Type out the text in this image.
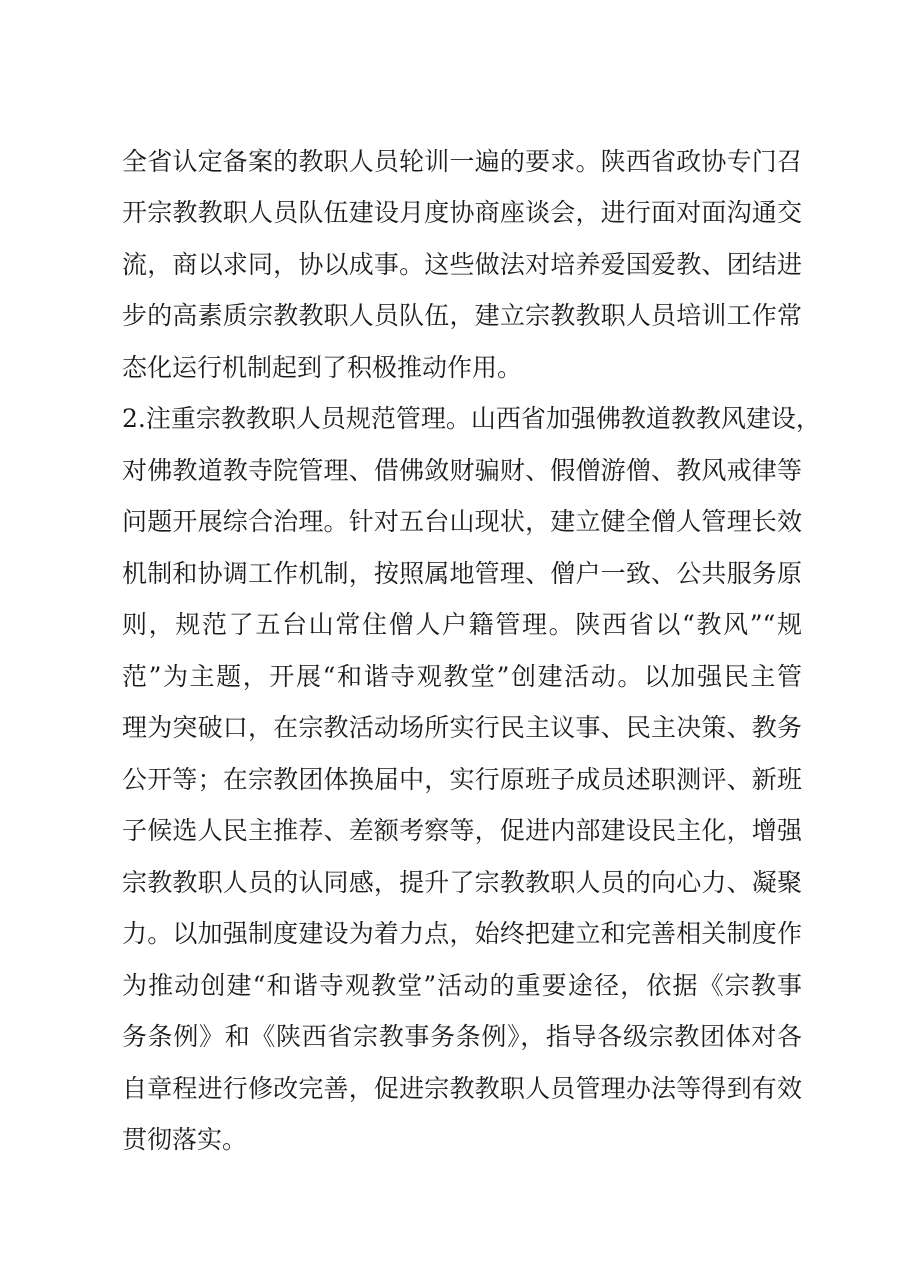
全省认定备案的教职人员轮训一遍的要求。陕西省政协专门召
开宗教教职人员队伍建设月度协商座谈会，进行面对面沟通交
流，商以求同，协以成事。这些做法对培养爱国爱教、团结进
步的高素质宗教教职人员队伍，建立宗教教职人员培训工作常
态化运行机制起到了积极推动作用。
2.注重宗教教职人员规范管理。山西省加强佛教道教教风建设，
对佛教道教寺院管理、借佛敛财骗财、假僧游僧、教风戒律等
问题开展综合治理。针对五台山现状，建立健全僧人管理长效
机制和协调工作机制，按照属地管理、僧户一致、公共服务原
则，规范了五台山常住僧人户籍管理。陕西省以“教风”“规
范”为主题，开展“和谐寺观教堂”创建活动。以加强民主管
理为突破口，在宗教活动场所实行民主议事、民主决策、教务
公开等；在宗教团体换届中，实行原班子成员述职测评、新班
子候选人民主推荐、差额考察等，促进内部建设民主化，增强
宗教教职人员的认同感，提升了宗教教职人员的向心力、凝聚
力。以加强制度建设为着力点，始终把建立和完善相关制度作
为推动创建“和谐寺观教堂”活动的重要途径，依据《宗教事
务条例》和《陕西省宗教事务条例》，指导各级宗教团体对各
自章程进行修改完善，促进宗教教职人员管理办法等得到有效
贯彻落实。
